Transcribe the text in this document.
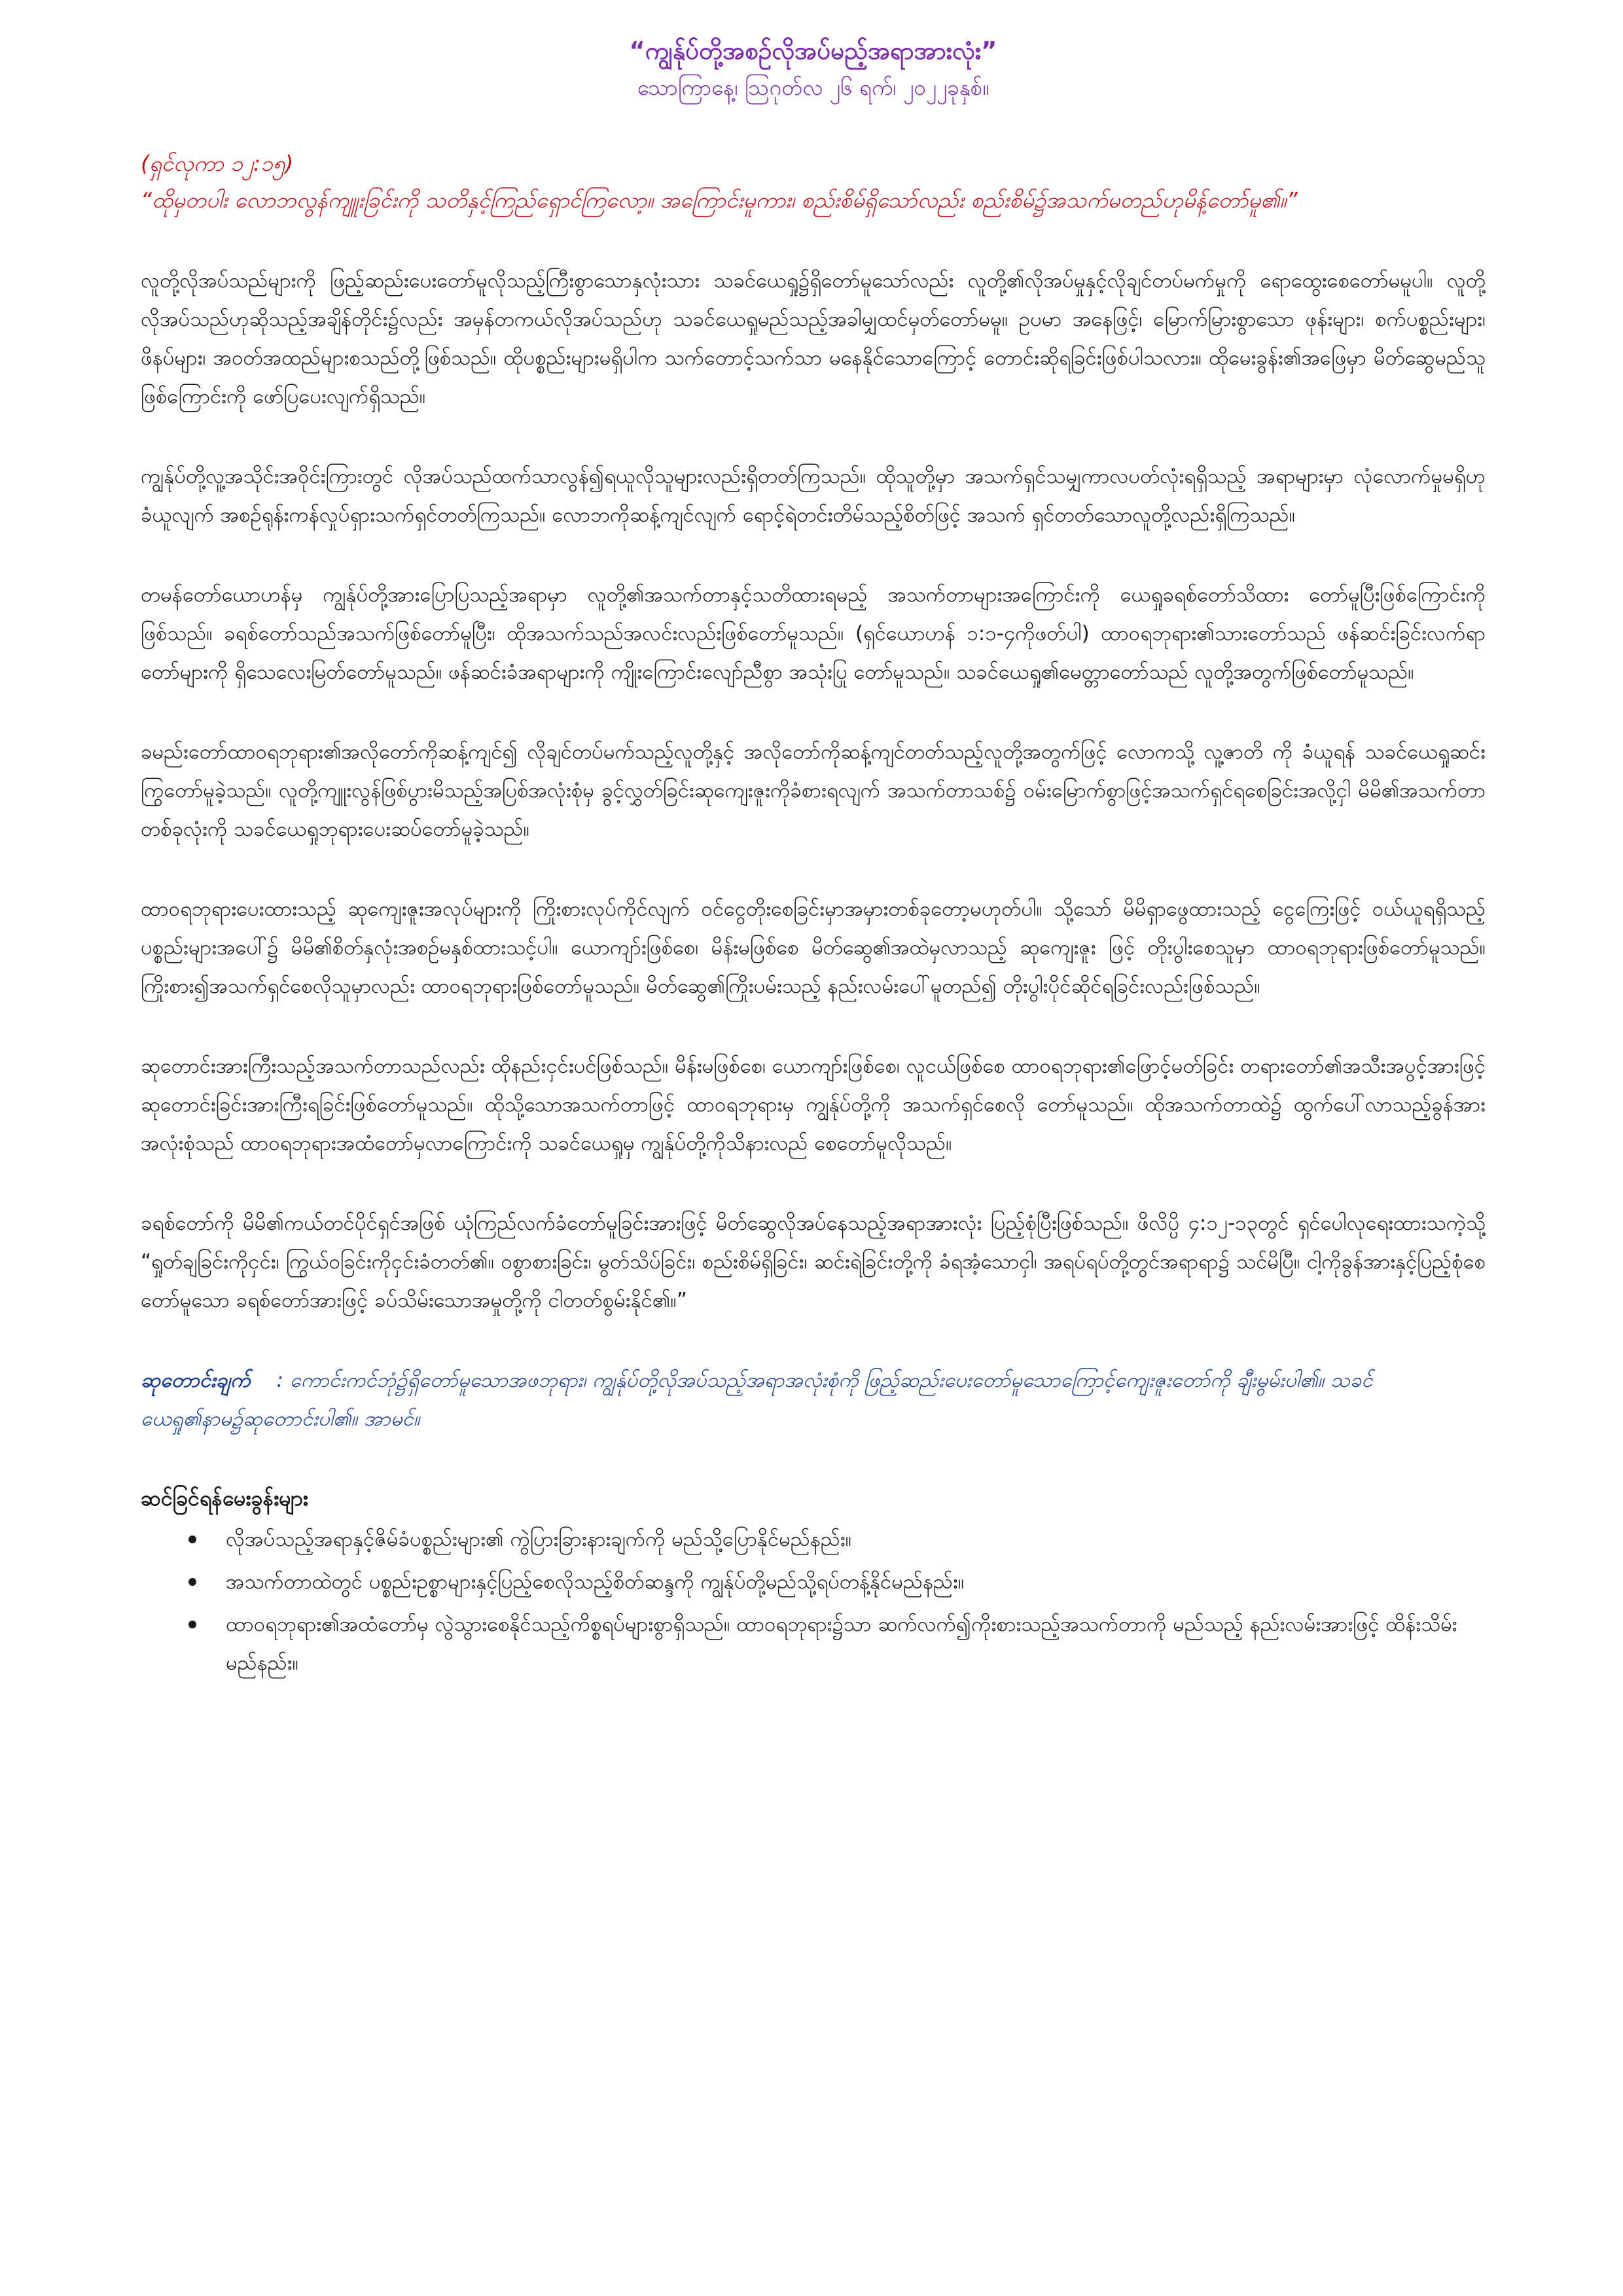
“ကျွန်ုပ်တို့အစဉ်လိုအပ်မည့်အရာအားလုံး”

သောကြာနေ့၊ ဩဂုတ်လ ၂၆ ရက်၊ ၂၀၂၂ခုနှစ်။

(ရှင်လုကာ ၁၂:၁၅)

“ထိုမှတပါး လောဘလွန်ကျူးခြင်းကို သတိနှင့်ကြည်ရှောင်ကြလော့။ အကြောင်းမူကား၊ စည်းစိမ်ရှိသော်လည်း စည်းစိမ်၌အသက်မတည်ဟုမိန့်တော်မူ၏။”

လူတို့လိုအပ်သည်များကို ဖြည့်ဆည်းပေးတော်မူလိုသည့်ကြီးစွာသောနှလုံးသား သခင်ယေရှု၌ရှိတော်မူသော်လည်း လူတို့၏လိုအပ်မှုနှင့်လိုချင်တပ်မက်မှုကို ရောထွေးစေတော်မမူပါ။ လူတို့လိုအပ်သည်ဟုဆိုသည့်အချိန်တိုင်း၌လည်း အမှန်တကယ်လိုအပ်သည်ဟု သခင်ယေရှုမည်သည့်အခါမျှထင်မှတ်တော်မမူ။ ဥပမာ အနေဖြင့်၊ မြောက်မြားစွာသော ဖုန်းများ၊ စက်ပစ္စည်းများ၊ ဖိနပ်များ၊ အဝတ်အထည်များစသည်တို့ဖြစ်သည်။ ထိုပစ္စည်းများမရှိပါက သက်တောင့်သက်သာ မနေနိုင်သောကြောင့် တောင်းဆိုရခြင်းဖြစ်ပါသလား။ ထိုမေးခွန်း၏အဖြေမှာ မိတ်ဆွေမည်သူဖြစ်ကြောင်းကို ဖော်ပြပေးလျက်ရှိသည်။

ကျွန်ုပ်တို့လူ့အသိုင်းအဝိုင်းကြားတွင် လိုအပ်သည်ထက်သာလွန်၍ရယူလိုသူများလည်းရှိတတ်ကြသည်။ ထိုသူတို့မှာ အသက်ရှင်သမျှကာလပတ်လုံးရရှိသည့် အရာများမှာ လုံလောက်မှုမရှိဟုခံယူလျက် အစဉ်ရုန်းကန်လှုပ်ရှားသက်ရှင်တတ်ကြသည်။ လောဘကိုဆန့်ကျင်လျက် ရောင့်ရဲတင်းတိမ်သည့်စိတ်ဖြင့် အသက် ရှင်တတ်သောလူတို့လည်းရှိကြသည်။

တမန်တော်ယောဟန်မှ ကျွန်ုပ်တို့အားပြောပြသည့်အရာမှာ လူတို့၏အသက်တာနှင့်သတိထားရမည့် အသက်တာများအကြောင်းကို ယေရှုခရစ်တော်သိထား တော်မူပြီးဖြစ်ကြောင်းကိုဖြစ်သည်။ ခရစ်တော်သည်အသက်ဖြစ်တော်မူပြီး၊ ထိုအသက်သည်အလင်းလည်းဖြစ်တော်မူသည်။ (ရှင်ယောဟန် ၁:၁-၄ကိုဖတ်ပါ) ထာဝရဘုရား၏သားတော်သည် ဖန်ဆင်းခြင်းလက်ရာတော်များကို ရှိသေလေးမြတ်တော်မူသည်။ ဖန်ဆင်းခံအရာများကို ကျိုးကြောင်းလျော်ညီစွာ အသုံးပြု တော်မူသည်။ သခင်ယေရှု၏မေတ္တာတော်သည် လူတို့အတွက်ဖြစ်တော်မူသည်။

ခမည်းတော်ထာဝရဘုရား၏အလိုတော်ကိုဆန့်ကျင်၍ လိုချင်တပ်မက်သည့်လူတို့နှင့် အလိုတော်ကိုဆန့်ကျင်တတ်သည့်လူတို့အတွက်ဖြင့် လောကသို့ လူ့ဇာတိ ကို ခံယူရန် သခင်ယေရှုဆင်းကြွတော်မူခဲ့သည်။ လူတို့ကျူးလွန်ဖြစ်ပွားမိသည့်အပြစ်အလုံးစုံမှ ခွင့်လွှတ်ခြင်းဆုကျေးဇူးကိုခံစားရလျက် အသက်တာသစ်၌ ဝမ်းမြောက်စွာဖြင့်အသက်ရှင်ရစေခြင်းအလို့ငှါ မိမိ၏အသက်တာတစ်ခုလုံးကို သခင်ယေရှုဘုရားပေးဆပ်တော်မူခဲ့သည်။

ထာဝရဘုရားပေးထားသည့် ဆုကျေးဇူးအလုပ်များကို ကြိုးစားလုပ်ကိုင်လျက် ဝင်ငွေတိုးစေခြင်းမှာအမှားတစ်ခုတော့မဟုတ်ပါ။ သို့သော် မိမိရှာဖွေထားသည့် ငွေကြေးဖြင့် ဝယ်ယူရရှိသည့်ပစ္စည်းများအပေါ်၌ မိမိ၏စိတ်နှလုံးအစဉ်မနှစ်ထားသင့်ပါ။ ယောကျာ်းဖြစ်စေ၊ မိန်းမဖြစ်စေ မိတ်ဆွေ၏အထဲမှလာသည့် ဆုကျေးဇူး ဖြင့် တိုးပွါးစေသူမှာ ထာဝရဘုရားဖြစ်တော်မူသည်။ ကြိုးစား၍အသက်ရှင်စေလိုသူမှာလည်း ထာဝရဘုရားဖြစ်တော်မူသည်။ မိတ်ဆွေ၏ကြိုးပမ်းသည့် နည်းလမ်းပေါ်မူတည်၍ တိုးပွါးပိုင်ဆိုင်ရခြင်းလည်းဖြစ်သည်။

ဆုတောင်းအားကြီးသည့်အသက်တာသည်လည်း ထိုနည်းငှင်းပင်ဖြစ်သည်။ မိန်းမဖြစ်စေ၊ ယောကျာ်းဖြစ်စေ၊ လူငယ်ဖြစ်စေ ထာဝရဘုရား၏ဖြောင့်မတ်ခြင်း တရားတော်၏အသီးအပွင့်အားဖြင့် ဆုတောင်းခြင်းအားကြီးရခြင်းဖြစ်တော်မူသည်။ ထိုသို့သောအသက်တာဖြင့် ထာဝရဘုရားမှ ကျွန်ုပ်တို့ကို အသက်ရှင်စေလို တော်မူသည်။ ထိုအသက်တာထဲ၌ ထွက်ပေါ်လာသည့်ခွန်အားအလုံးစုံသည် ထာဝရဘုရားအထံတော်မှလာကြောင်းကို သခင်ယေရှုမှ ကျွန်ုပ်တို့ကိုသိနားလည် စေတော်မူလိုသည်။

ခရစ်တော်ကို မိမိ၏ကယ်တင်ပိုင်ရှင်အဖြစ် ယုံကြည်လက်ခံတော်မူခြင်းအားဖြင့် မိတ်ဆွေလိုအပ်နေသည့်အရာအားလုံး ပြည့်စုံပြီးဖြစ်သည်။ ဖိလိပ္ပိ ၄:၁၂-၁၃တွင် ရှင်ပေါလုရေးထားသကဲ့သို့ “ရှုတ်ချခြင်းကိုငှင်း၊ ကြွယ်ဝခြင်းကိုငှင်းခံတတ်၏။ ဝစွာစားခြင်း၊ မွတ်သိပ်ခြင်း၊ စည်းစိမ်ရှိခြင်း၊ ဆင်းရဲခြင်းတို့ကို ခံရအံ့သောငှါ၊ အရပ်ရပ်တို့တွင်အရာရာ၌ သင်မိပြီ။ ငါ့ကိုခွန်အားနှင့်ပြည့်စုံစေတော်မူသော ခရစ်တော်အားဖြင့် ခပ်သိမ်းသောအမှုတို့ကို ငါတတ်စွမ်းနိုင်၏။”

ဆုတောင်းချက် : ကောင်းကင်ဘုံ၌ရှိတော်မူသောအဖဘုရား၊ ကျွန်ုပ်တို့လိုအပ်သည့်အရာအလုံးစုံကို ဖြည့်ဆည်းပေးတော်မူသောကြောင့်ကျေးဇူးတော်ကို ချီးမွမ်းပါ၏။ သခင်ယေရှု၏နာမ၌ဆုတောင်းပါ၏။ အာမင်။

ဆင်ခြင်ရန်မေးခွန်းများ
လိုအပ်သည့်အရာနှင့်ဇိမ်ခံပစ္စည်းများ၏ ကွဲပြားခြားနားချက်ကို မည်သို့ပြောနိုင်မည်နည်း။
အသက်တာထဲတွင် ပစ္စည်းဥစ္စာများနှင့်ပြည့်စေလိုသည့်စိတ်ဆန္ဒကို ကျွန်ုပ်တို့မည်သို့ရပ်တန့်နိုင်မည်နည်း။
ထာဝရဘုရား၏အထံတော်မှ လွဲသွားစေနိုင်သည့်ကိစ္စရပ်များစွာရှိသည်။ ထာဝရဘုရား၌သာ ဆက်လက်၍ကိုးစားသည့်အသက်တာကို မည်သည့် နည်းလမ်းအားဖြင့် ထိန်းသိမ်းမည်နည်း။
